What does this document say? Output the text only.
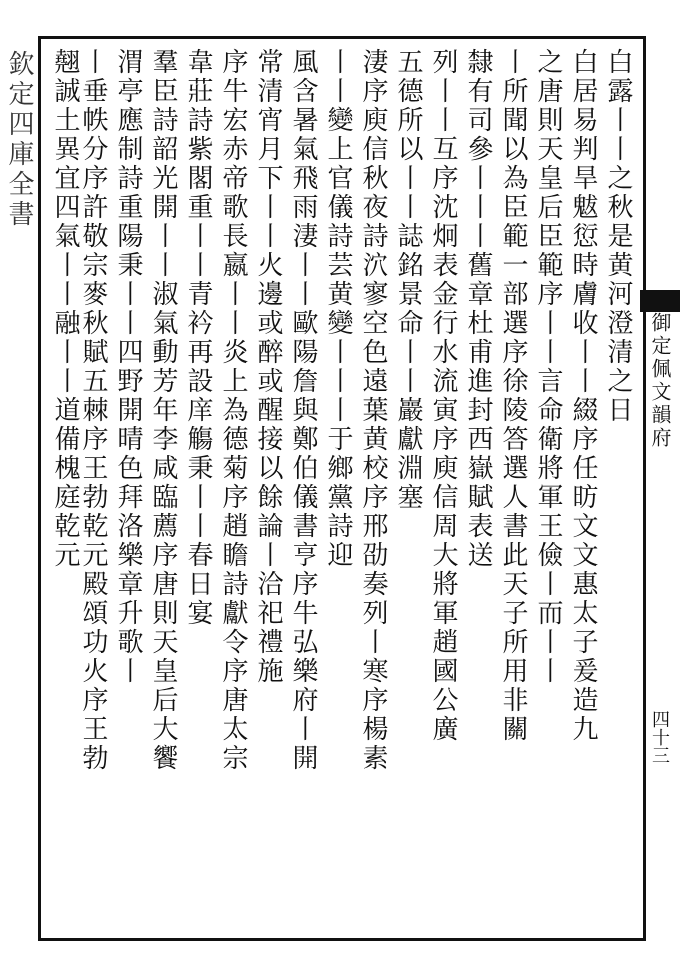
欽定四庫全書
御定佩文韻府
四十三
白露丨丨之秋是黄河澄清之日
白居易判旱魃愆時膚收丨丨綴序任昉文文惠太子爰造九
之唐則天皇后臣範序丨丨言命衛將軍王儉丨而丨丨
丨所聞以為臣範一部選序徐陵答選人書此天子所用非關
隸有司參丨丨丨舊章杜甫進封西嶽賦表送
列丨丨互序沈炯表金行水流寅序庾信周大將軍趙國公廣
五德所以丨丨誌銘景命丨丨巖獻淵塞
淒序庾信秋夜詩泬寥空色遠葉黄校序邢劭奏列丨寒序楊素
丨丨變上官儀詩芸黄變丨丨丨于鄉黨詩迎
風含暑氣飛雨淒丨丨歐陽詹與鄭伯儀書亨序牛弘樂府丨開
常清宵月下丨丨火邊或醉或醒接以餘論丨洽祀禮施
序牛宏赤帝歌長嬴丨丨炎上為德菊序趙瞻詩獻令序唐太宗
韋莊詩紫閣重丨丨青衿再設庠觴秉丨丨春日宴
羣臣詩韶光開丨丨淑氣動芳年李咸臨薦序唐則天皇后大饗
渭亭應制詩重陽秉丨丨四野開晴色拜洛樂章升歌丨
丨垂帙分序許敬宗麥秋賦五棘序王勃乾元殿頌功火序王勃
翹誠土異宜四氣丨丨融丨丨道備槐庭乾元
